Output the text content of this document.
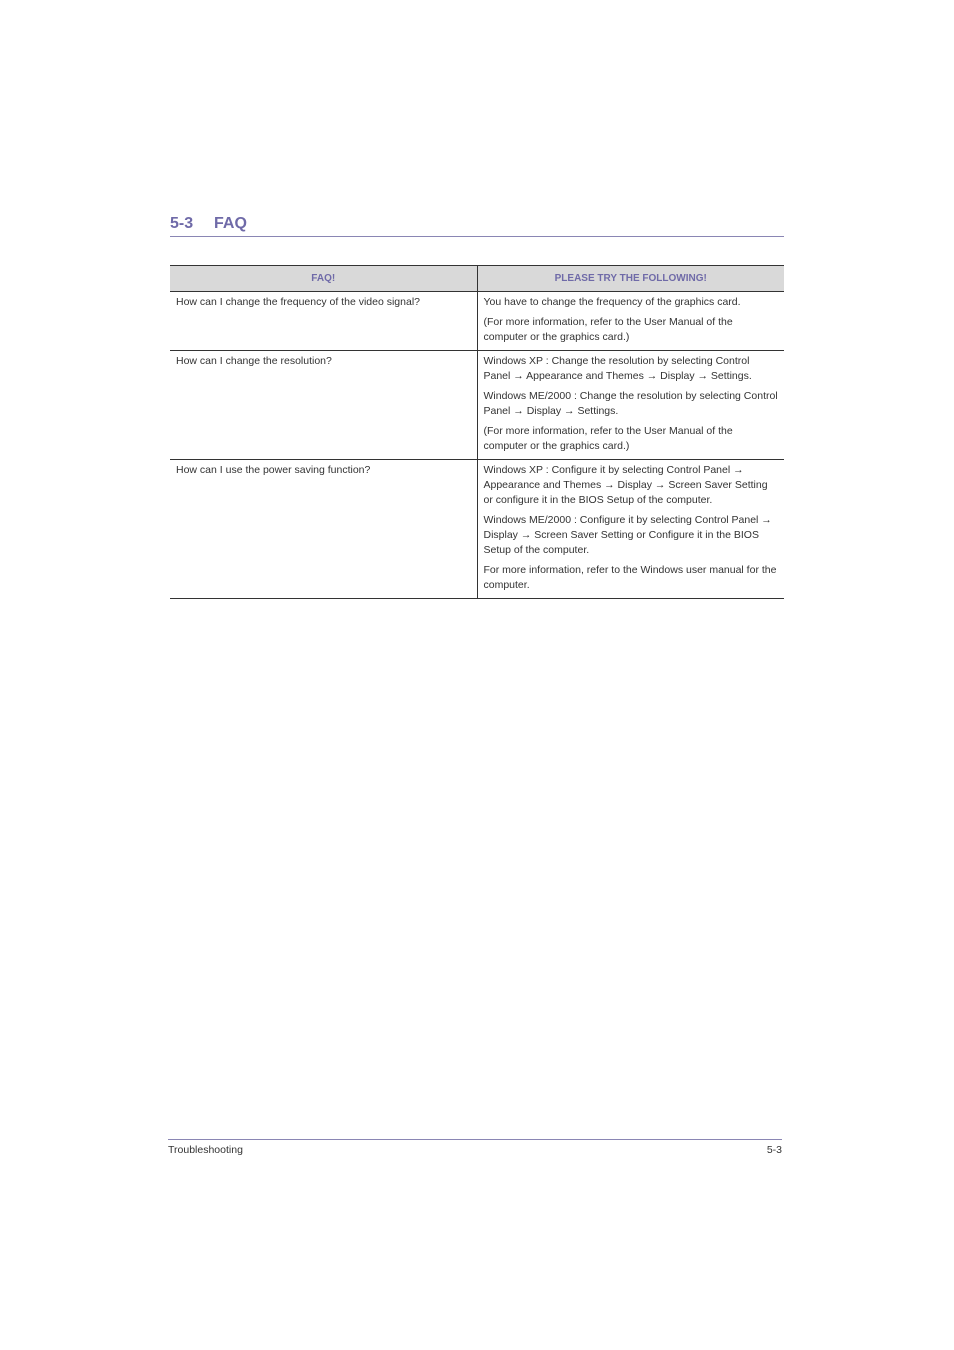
5-3 FAQ
FAQ!	PLEASE TRY THE FOLLOWING!
How can I change the frequency of the video signal?	You have to change the frequency of the graphics card.

(For more information, refer to the User Manual of the computer or the graphics card.)

How can I change the resolution?	Windows XP : Change the resolution by selecting Control Panel → Appearance and Themes → Display → Settings.

Windows ME/2000 : Change the resolution by selecting Control Panel → Display → Settings.

(For more information, refer to the User Manual of the computer or the graphics card.)

How can I use the power saving function?	Windows XP : Configure it by selecting Control Panel → Appearance and Themes → Display → Screen Saver Setting or configure it in the BIOS Setup of the computer.

Windows ME/2000 : Configure it by selecting Control Panel → Display → Screen Saver Setting or Configure it in the BIOS Setup of the computer.

For more information, refer to the Windows user manual for the computer.

Troubleshooting	5-3
